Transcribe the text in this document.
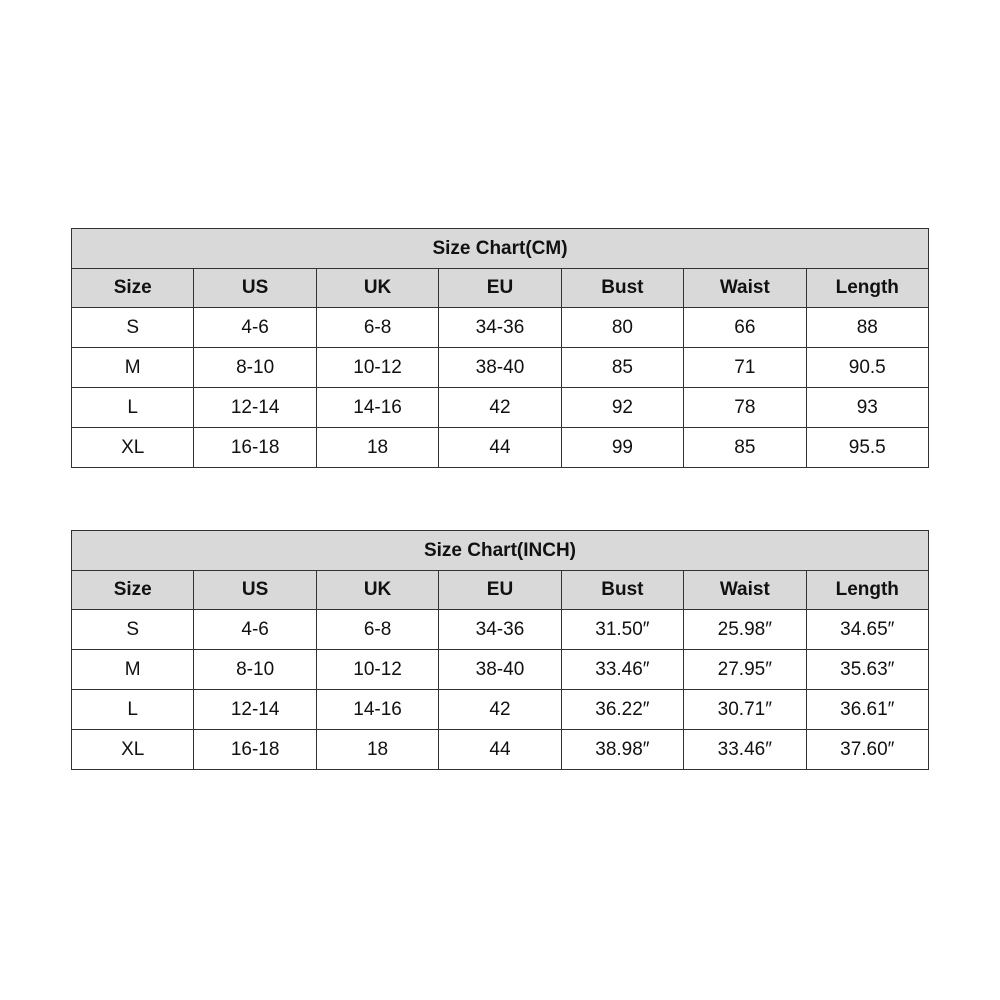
Size Chart(CM)						
Size	US	UK	EU	Bust	Waist	Length
S	4-6	6-8	34-36	80	66	88
M	8-10	10-12	38-40	85	71	90.5
L	12-14	14-16	42	92	78	93
XL	16-18	18	44	99	85	95.5
Size Chart(INCH)						
Size	US	UK	EU	Bust	Waist	Length
S	4-6	6-8	34-36	31.50″	25.98″	34.65″
M	8-10	10-12	38-40	33.46″	27.95″	35.63″
L	12-14	14-16	42	36.22″	30.71″	36.61″
XL	16-18	18	44	38.98″	33.46″	37.60″
